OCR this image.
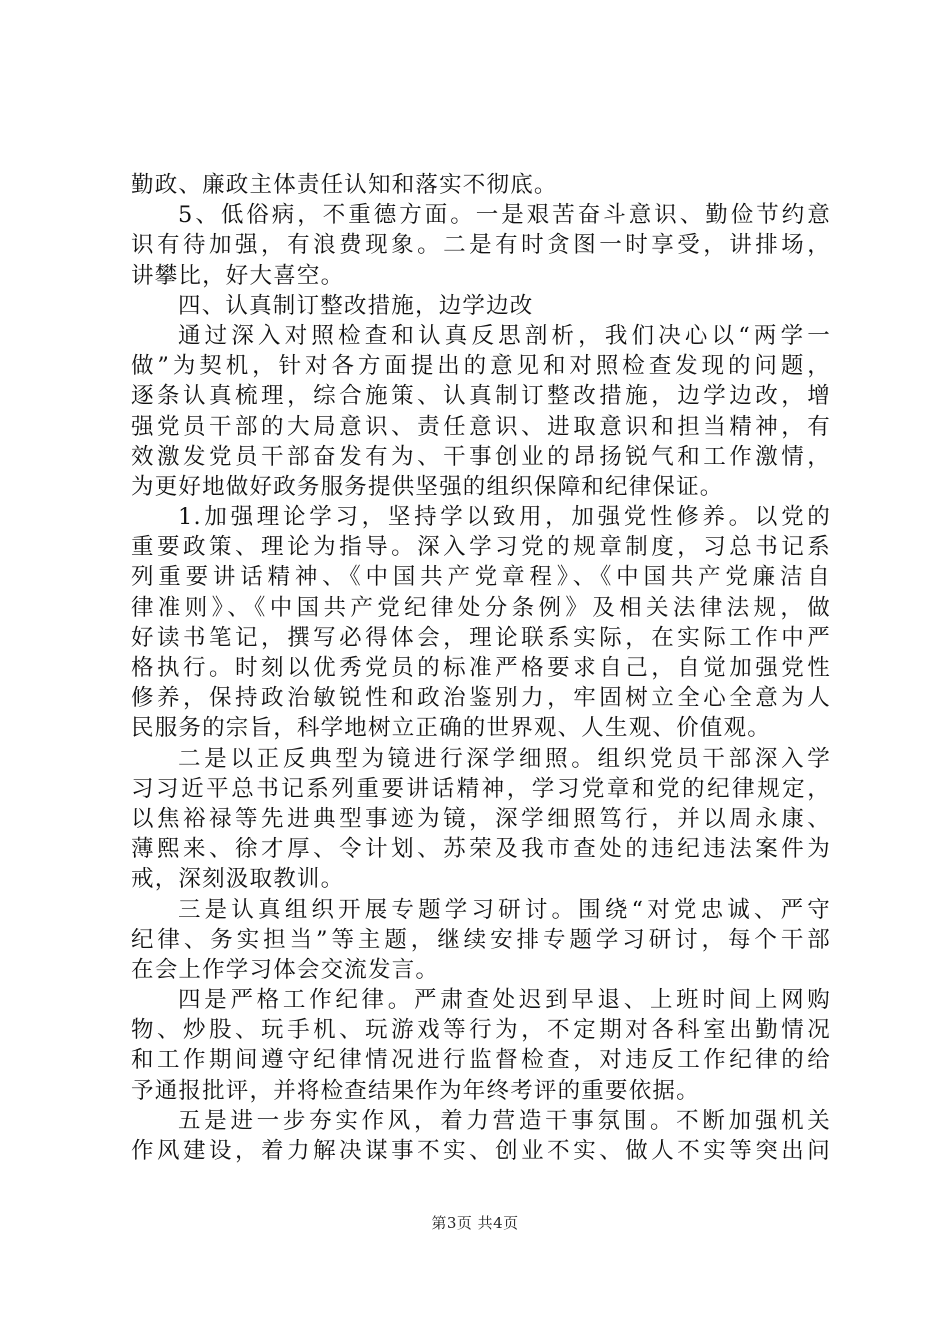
勤政、廉政主体责任认知和落实不彻底。
5、低俗病，不重德方面。一是艰苦奋斗意识、勤俭节约意
识有待加强，有浪费现象。二是有时贪图一时享受，讲排场，
讲攀比，好大喜空。
四、认真制订整改措施，边学边改
通过深入对照检查和认真反思剖析，我们决心以“两学一
做”为契机，针对各方面提出的意见和对照检查发现的问题，
逐条认真梳理，综合施策、认真制订整改措施，边学边改，增
强党员干部的大局意识、责任意识、进取意识和担当精神，有
效激发党员干部奋发有为、干事创业的昂扬锐气和工作激情，
为更好地做好政务服务提供坚强的组织保障和纪律保证。
1.加强理论学习，坚持学以致用，加强党性修养。以党的
重要政策、理论为指导。深入学习党的规章制度，习总书记系
列重要讲话精神、《中国共产党章程》、《中国共产党廉洁自
律准则》、《中国共产党纪律处分条例》及相关法律法规，做
好读书笔记，撰写必得体会，理论联系实际，在实际工作中严
格执行。时刻以优秀党员的标准严格要求自己，自觉加强党性
修养，保持政治敏锐性和政治鉴别力，牢固树立全心全意为人
民服务的宗旨，科学地树立正确的世界观、人生观、价值观。
二是以正反典型为镜进行深学细照。组织党员干部深入学
习习近平总书记系列重要讲话精神，学习党章和党的纪律规定，
以焦裕禄等先进典型事迹为镜，深学细照笃行，并以周永康、
薄熙来、徐才厚、令计划、苏荣及我市查处的违纪违法案件为
戒，深刻汲取教训。
三是认真组织开展专题学习研讨。围绕“对党忠诚、严守
纪律、务实担当”等主题，继续安排专题学习研讨，每个干部
在会上作学习体会交流发言。
四是严格工作纪律。严肃查处迟到早退、上班时间上网购
物、炒股、玩手机、玩游戏等行为，不定期对各科室出勤情况
和工作期间遵守纪律情况进行监督检查，对违反工作纪律的给
予通报批评，并将检查结果作为年终考评的重要依据。
五是进一步夯实作风，着力营造干事氛围。不断加强机关
作风建设，着力解决谋事不实、创业不实、做人不实等突出问
第3页 共4页
